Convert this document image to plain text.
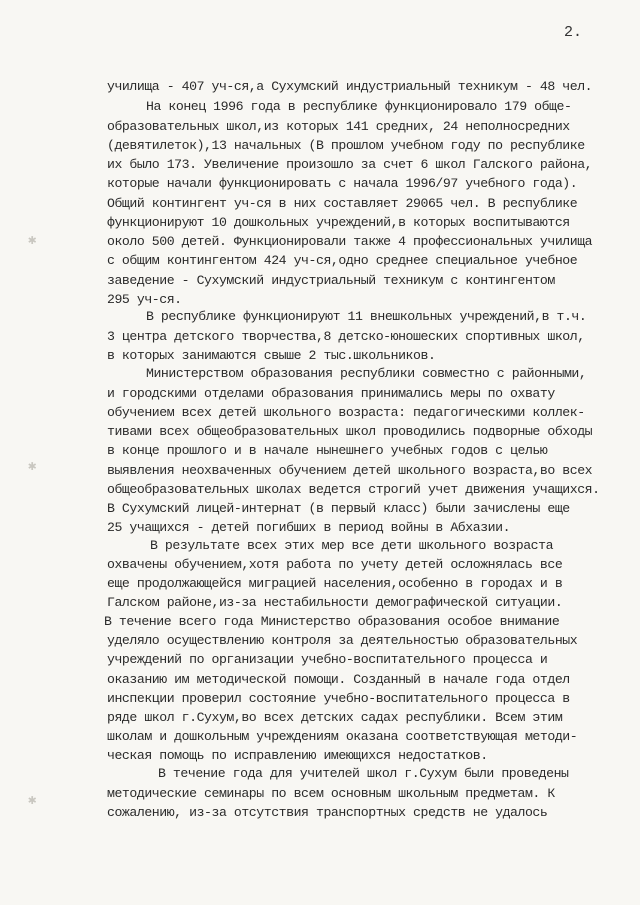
2.
✱
✱
✱
училища - 407 уч-ся,а Сухумский индустриальный техникум - 48 чел.
На конец 1996 года в республике функционировало 179 обще-
образовательных школ,из которых 141 средних, 24 неполносредних
(девятилеток),13 начальных (В прошлом учебном году по республике
их было 173. Увеличение произошло за счет 6 школ Галского района,
которые начали функционировать с начала 1996/97 учебного года).
Общий контингент уч-ся в них составляет 29065 чел. В республике
функционируют 10 дошкольных учреждений,в которых воспитываются
около 500 детей. Функционировали также 4 профессиональных училища
с общим контингентом 424 уч-ся,одно среднее специальное учебное
заведение - Сухумский индустриальный техникум с контингентом
295 уч-ся.
В республике функционируют 11 внешкольных учреждений,в т.ч.
3 центра детского творчества,8 детско-юношеских спортивных школ,
в которых занимаются свыше 2 тыс.школьников.
Министерством образования республики совместно с районными,
и городскими отделами образования принимались меры по охвату
обучением всех детей школьного возраста: педагогическими коллек-
тивами всех общеобразовательных школ проводились подворные обходы
в конце прошлого и в начале нынешнего учебных годов с целью
выявления неохваченных обучением детей школьного возраста,во всех
общеобразовательных школах ведется строгий учет движения учащихся.
В Сухумский лицей-интернат (в первый класс) были зачислены еще
25 учащихся - детей погибших в период войны в Абхазии.
В результате всех этих мер все дети школьного возраста
охвачены обучением,хотя работа по учету детей осложнялась все
еще продолжающейся миграцией населения,особенно в городах и в
Галском районе,из-за нестабильности демографической ситуации.
В течение всего года Министерство образования особое внимание
уделяло осуществлению контроля за деятельностью образовательных
учреждений по организации учебно-воспитательного процесса и
оказанию им методической помощи. Созданный в начале года отдел
инспекции проверил состояние учебно-воспитательного процесса в
ряде школ г.Сухум,во всех детских садах республики. Всем этим
школам и дошкольным учреждениям оказана соответствующая методи-
ческая помощь по исправлению имеющихся недостатков.
В течение года для учителей школ г.Сухум были проведены
методические семинары по всем основным школьным предметам. К
сожалению, из-за отсутствия транспортных средств не удалось
